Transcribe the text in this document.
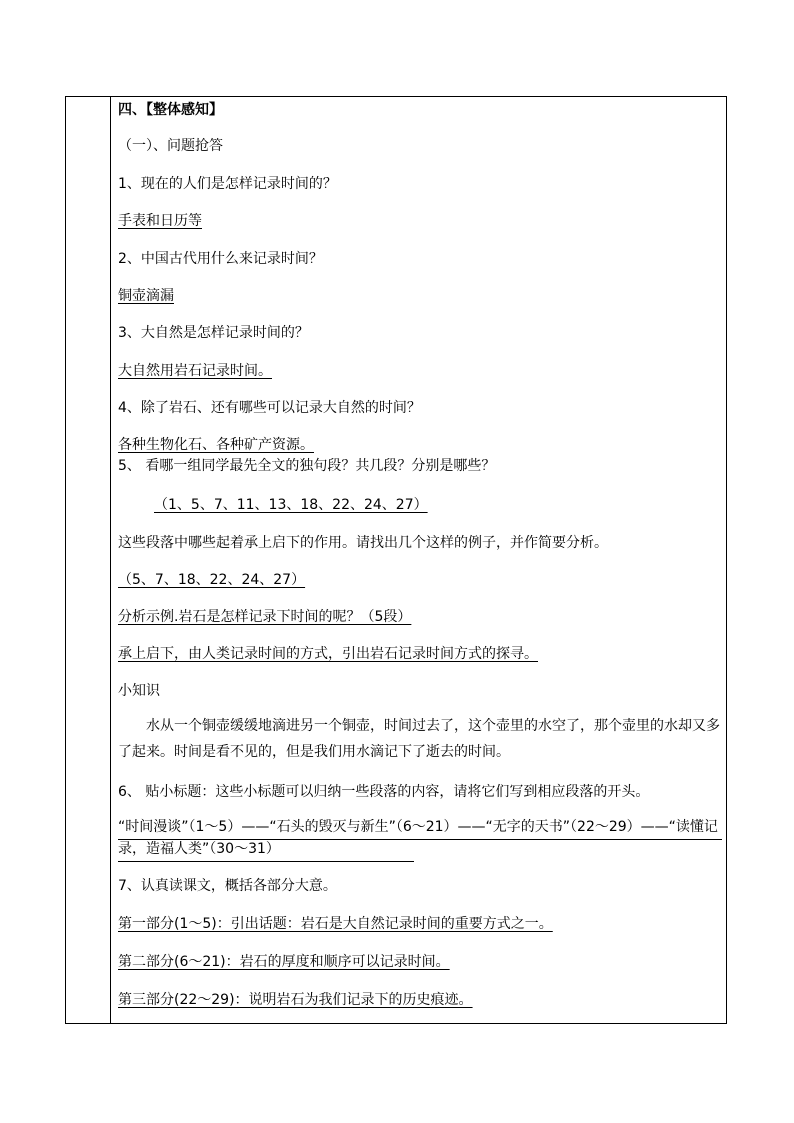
四、【整体感知】
（一）、问题抢答
1、现在的人们是怎样记录时间的？
手表和日历等
2、中国古代用什么来记录时间？
铜壶滴漏
3、大自然是怎样记录时间的？
大自然用岩石记录时间。
4、除了岩石、还有哪些可以记录大自然的时间？
各种生物化石、各种矿产资源。
5、 看哪一组同学最先全文的独句段？共几段？分别是哪些？
（1、5、7、11、13、18、22、24、27）
这些段落中哪些起着承上启下的作用。请找出几个这样的例子，并作简要分析。
（5、7、18、22、24、27）
分析示例.岩石是怎样记录下时间的呢？（5段）
承上启下，由人类记录时间的方式，引出岩石记录时间方式的探寻。
小知识
水从一个铜壶缓缓地滴进另一个铜壶，时间过去了，这个壶里的水空了，那个壶里的水却又多了起来。时间是看不见的，但是我们用水滴记下了逝去的时间。
6、 贴小标题：这些小标题可以归纳一些段落的内容，请将它们写到相应段落的开头。
“时间漫谈”（1～5）——“石头的毁灭与新生”（6～21）——“无字的天书”（22～29）——“读懂记录，造福人类”（30～31）
7、认真读课文，概括各部分大意。
第一部分(1～5)：引出话题：岩石是大自然记录时间的重要方式之一。
第二部分(6～21)：岩石的厚度和顺序可以记录时间。
第三部分(22～29)：说明岩石为我们记录下的历史痕迹。
